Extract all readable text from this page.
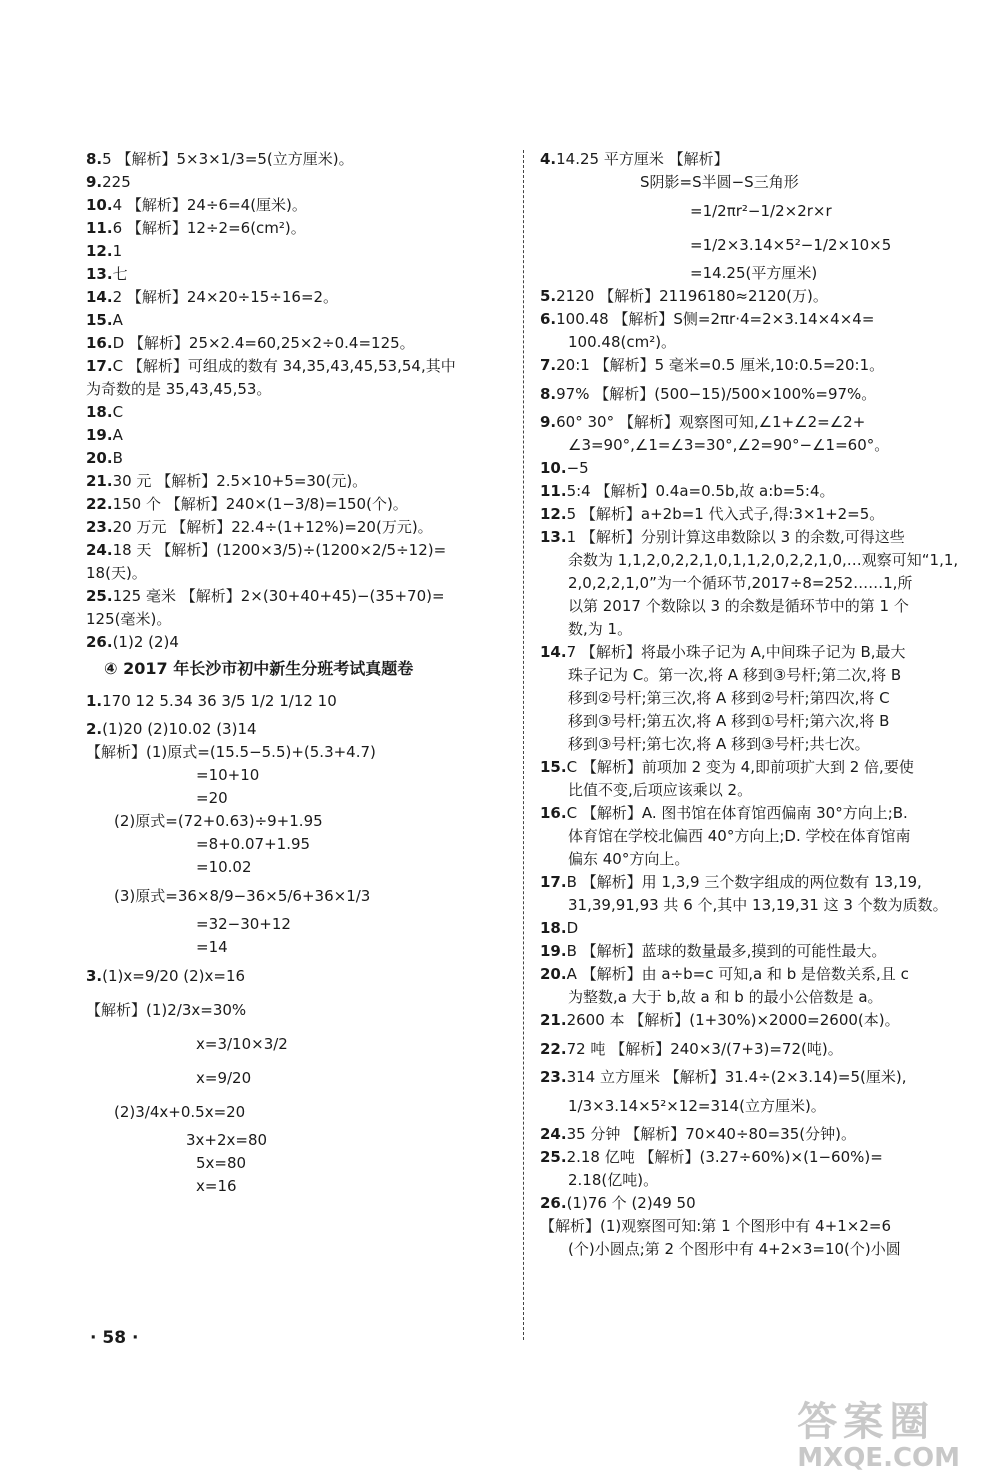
8.5 【解析】5×3×1/3=5(立方厘米)。
9.225
10.4 【解析】24÷6=4(厘米)。
11.6 【解析】12÷2=6(cm²)。
12.1
13.七
14.2 【解析】24×20÷15÷16=2。
15.A
16.D 【解析】25×2.4=60,25×2÷0.4=125。
17.C 【解析】可组成的数有 34,35,43,45,53,54,其中
为奇数的是 35,43,45,53。
18.C
19.A
20.B
21.30 元 【解析】2.5×10+5=30(元)。
22.150 个 【解析】240×(1−3/8)=150(个)。
23.20 万元 【解析】22.4÷(1+12%)=20(万元)。
24.18 天 【解析】(1200×3/5)÷(1200×2/5÷12)=
18(天)。
25.125 毫米 【解析】2×(30+40+45)−(35+70)=
125(毫米)。
26.(1)2 (2)4
④ 2017 年长沙市初中新生分班考试真题卷
1.170 12 5.34 36 3/5 1/2 1/12 10
2.(1)20 (2)10.02 (3)14
【解析】(1)原式=(15.5−5.5)+(5.3+4.7)
=10+10
=20
(2)原式=(72+0.63)÷9+1.95
=8+0.07+1.95
=10.02
(3)原式=36×8/9−36×5/6+36×1/3
=32−30+12
=14
3.(1)x=9/20 (2)x=16
【解析】(1)2/3x=30%
x=3/10×3/2
x=9/20
(2)3/4x+0.5x=20
3x+2x=80
5x=80
x=16
4.14.25 平方厘米 【解析】
S阴影=S半圆−S三角形
=1/2πr²−1/2×2r×r
=1/2×3.14×5²−1/2×10×5
=14.25(平方厘米)
5.2120 【解析】21196180≈2120(万)。
6.100.48 【解析】S侧=2πr·4=2×3.14×4×4=
100.48(cm²)。
7.20:1 【解析】5 毫米=0.5 厘米,10:0.5=20:1。
8.97% 【解析】(500−15)/500×100%=97%。
9.60° 30° 【解析】观察图可知,∠1+∠2=∠2+
∠3=90°,∠1=∠3=30°,∠2=90°−∠1=60°。
10.−5
11.5:4 【解析】0.4a=0.5b,故 a:b=5:4。
12.5 【解析】a+2b=1 代入式子,得:3×1+2=5。
13.1 【解析】分别计算这串数除以 3 的余数,可得这些
余数为 1,1,2,0,2,2,1,0,1,1,2,0,2,2,1,0,…观察可知“1,1,
2,0,2,2,1,0”为一个循环节,2017÷8=252……1,所
以第 2017 个数除以 3 的余数是循环节中的第 1 个
数,为 1。
14.7 【解析】将最小珠子记为 A,中间珠子记为 B,最大
珠子记为 C。第一次,将 A 移到③号杆;第二次,将 B
移到②号杆;第三次,将 A 移到②号杆;第四次,将 C
移到③号杆;第五次,将 A 移到①号杆;第六次,将 B
移到③号杆;第七次,将 A 移到③号杆;共七次。
15.C 【解析】前项加 2 变为 4,即前项扩大到 2 倍,要使
比值不变,后项应该乘以 2。
16.C 【解析】A. 图书馆在体育馆西偏南 30°方向上;B.
体育馆在学校北偏西 40°方向上;D. 学校在体育馆南
偏东 40°方向上。
17.B 【解析】用 1,3,9 三个数字组成的两位数有 13,19,
31,39,91,93 共 6 个,其中 13,19,31 这 3 个数为质数。
18.D
19.B 【解析】蓝球的数量最多,摸到的可能性最大。
20.A 【解析】由 a÷b=c 可知,a 和 b 是倍数关系,且 c
为整数,a 大于 b,故 a 和 b 的最小公倍数是 a。
21.2600 本 【解析】(1+30%)×2000=2600(本)。
22.72 吨 【解析】240×3/(7+3)=72(吨)。
23.314 立方厘米 【解析】31.4÷(2×3.14)=5(厘米),
1/3×3.14×5²×12=314(立方厘米)。
24.35 分钟 【解析】70×40÷80=35(分钟)。
25.2.18 亿吨 【解析】(3.27÷60%)×(1−60%)=
2.18(亿吨)。
26.(1)76 个 (2)49 50
【解析】(1)观察图可知:第 1 个图形中有 4+1×2=6
(个)小圆点;第 2 个图形中有 4+2×3=10(个)小圆
· 58 ·
答案圈
MXQE.COM
